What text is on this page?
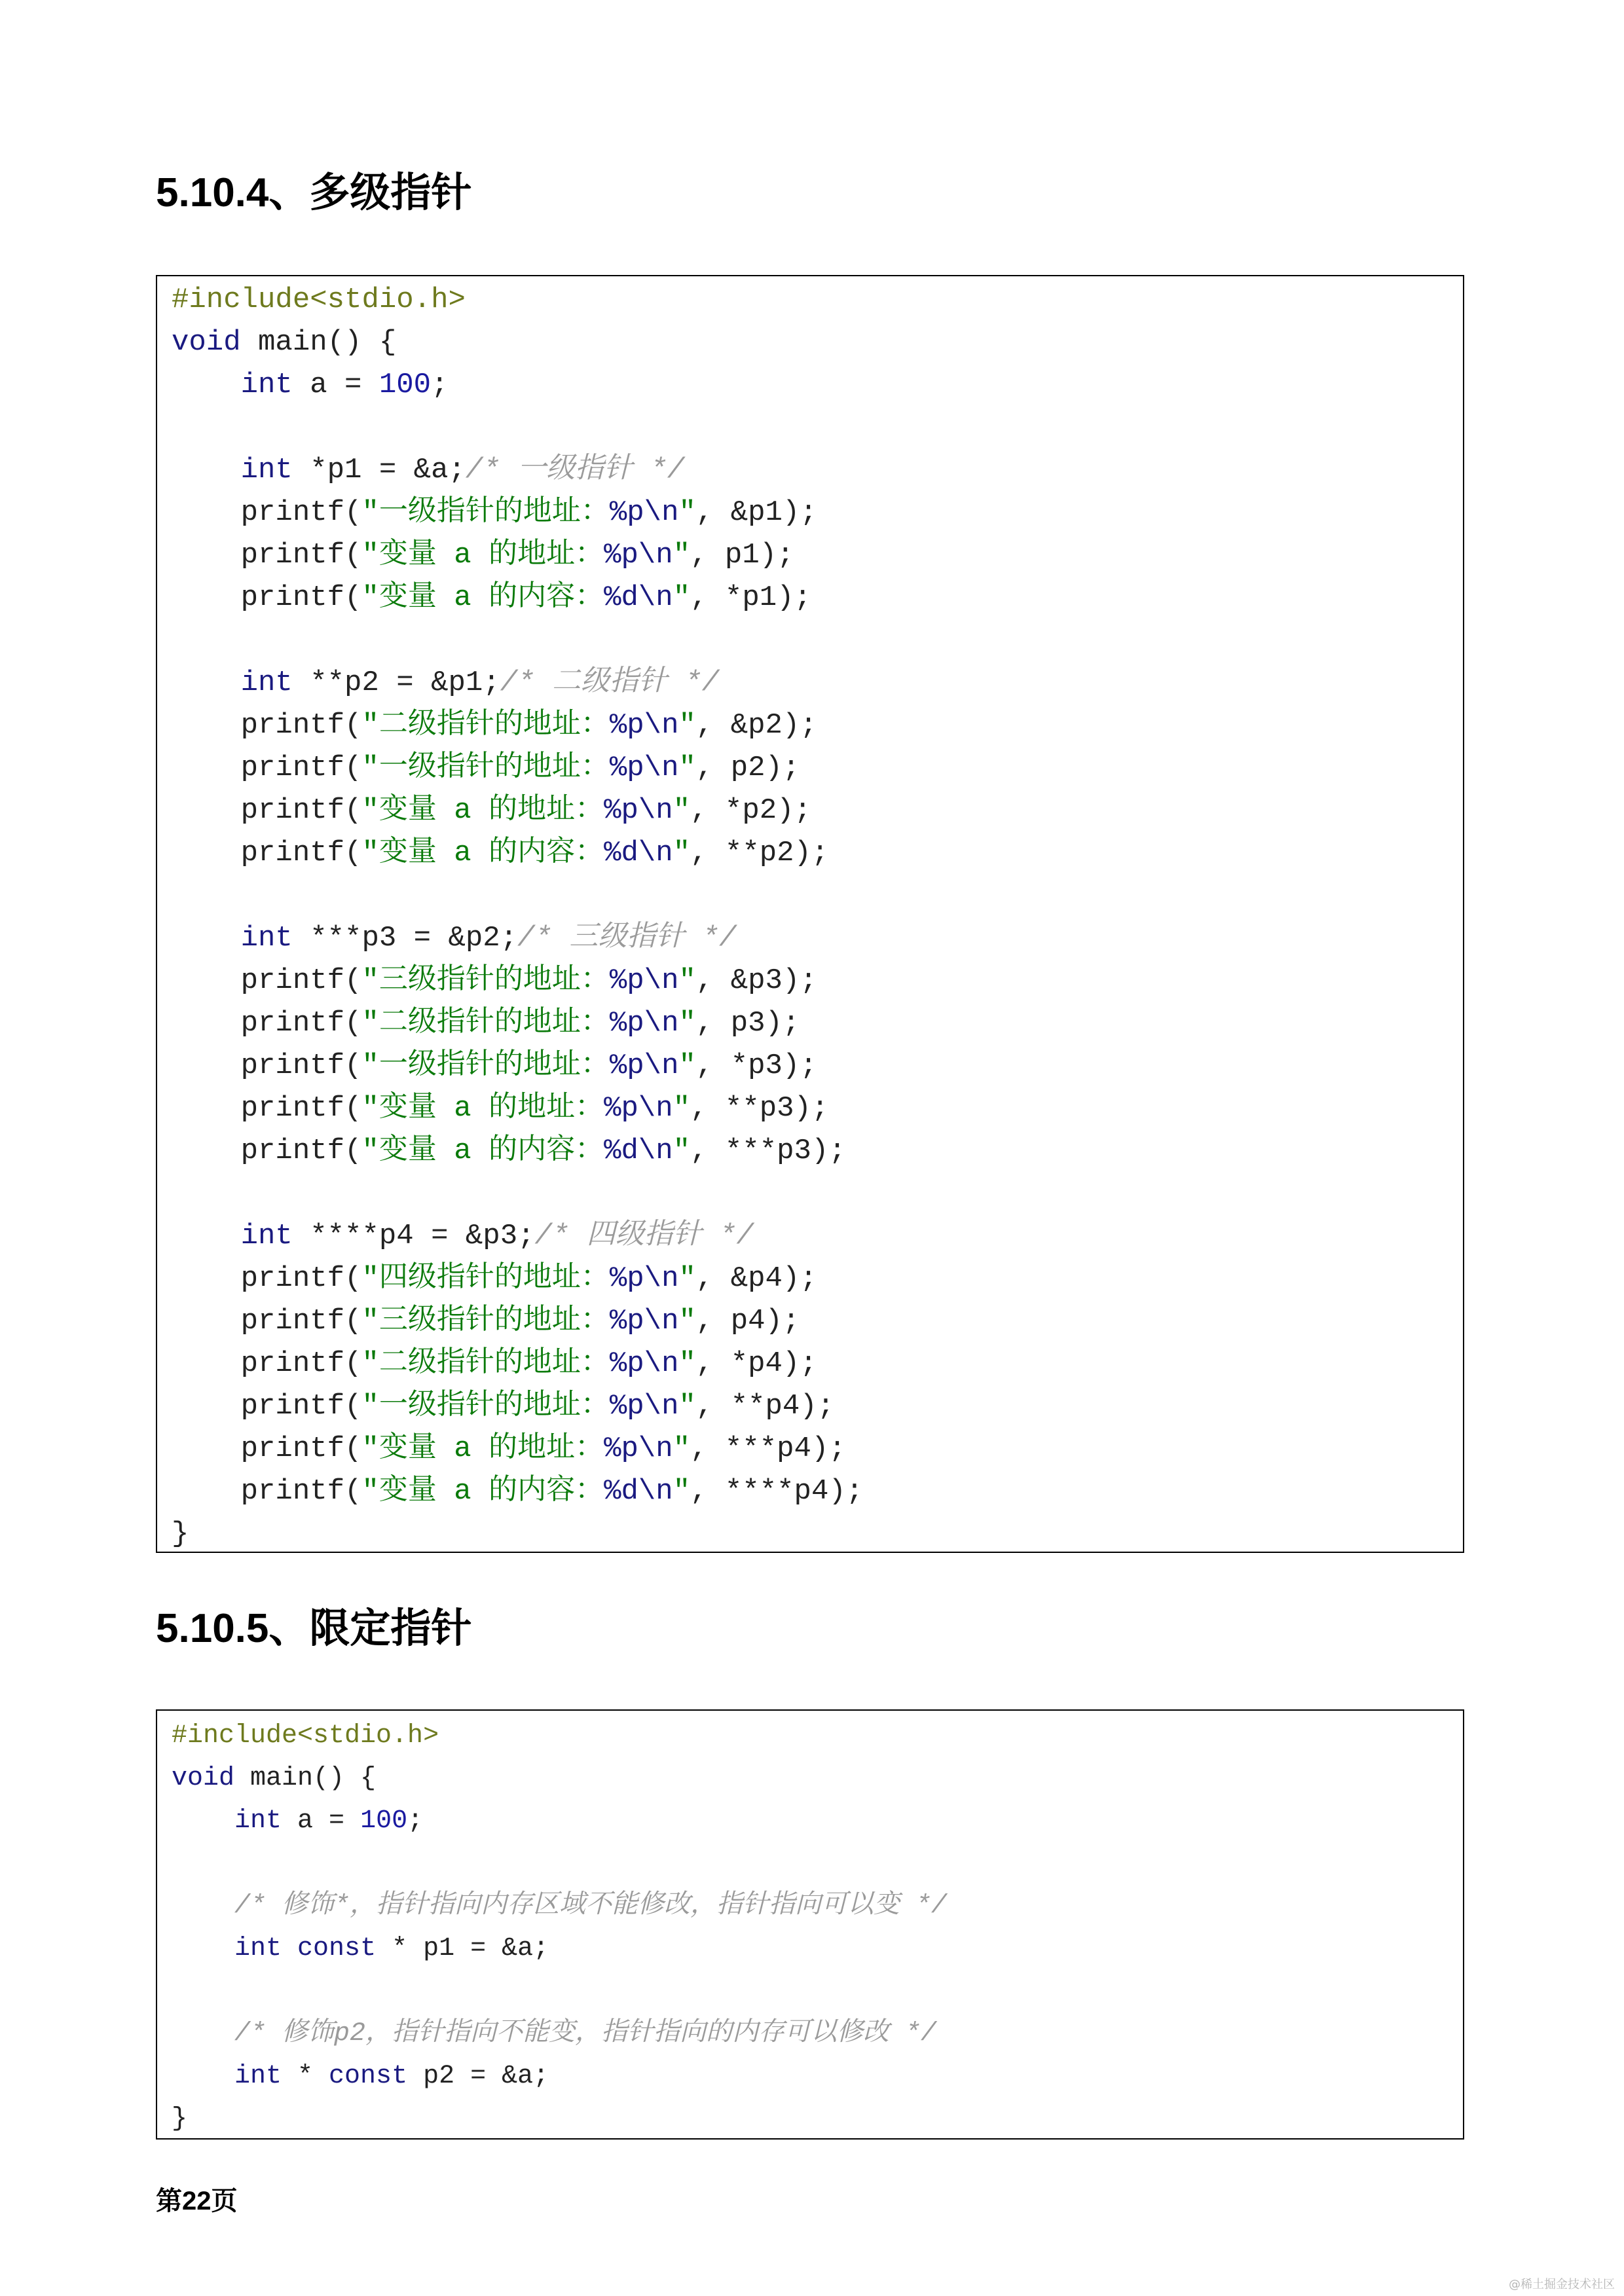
5.10.4、多级指针
#include<stdio.h>
void main() {
int a = 100;

int *p1 = &a;/* 一级指针 */
printf("一级指针的地址：%p\n", &p1);
printf("变量 a 的地址：%p\n", p1);
printf("变量 a 的内容：%d\n", *p1);

int **p2 = &p1;/* 二级指针 */
printf("二级指针的地址：%p\n", &p2);
printf("一级指针的地址：%p\n", p2);
printf("变量 a 的地址：%p\n", *p2);
printf("变量 a 的内容：%d\n", **p2);

int ***p3 = &p2;/* 三级指针 */
printf("三级指针的地址：%p\n", &p3);
printf("二级指针的地址：%p\n", p3);
printf("一级指针的地址：%p\n", *p3);
printf("变量 a 的地址：%p\n", **p3);
printf("变量 a 的内容：%d\n", ***p3);

int ****p4 = &p3;/* 四级指针 */
printf("四级指针的地址：%p\n", &p4);
printf("三级指针的地址：%p\n", p4);
printf("二级指针的地址：%p\n", *p4);
printf("一级指针的地址：%p\n", **p4);
printf("变量 a 的地址：%p\n", ***p4);
printf("变量 a 的内容：%d\n", ****p4);
}
5.10.5、限定指针
#include<stdio.h>
void main() {
int a = 100;

/* 修饰*，指针指向内存区域不能修改，指针指向可以变 */
int const * p1 = &a;

/* 修饰p2，指针指向不能变，指针指向的内存可以修改 */
int * const p2 = &a;
}
第22页
@稀土掘金技术社区
